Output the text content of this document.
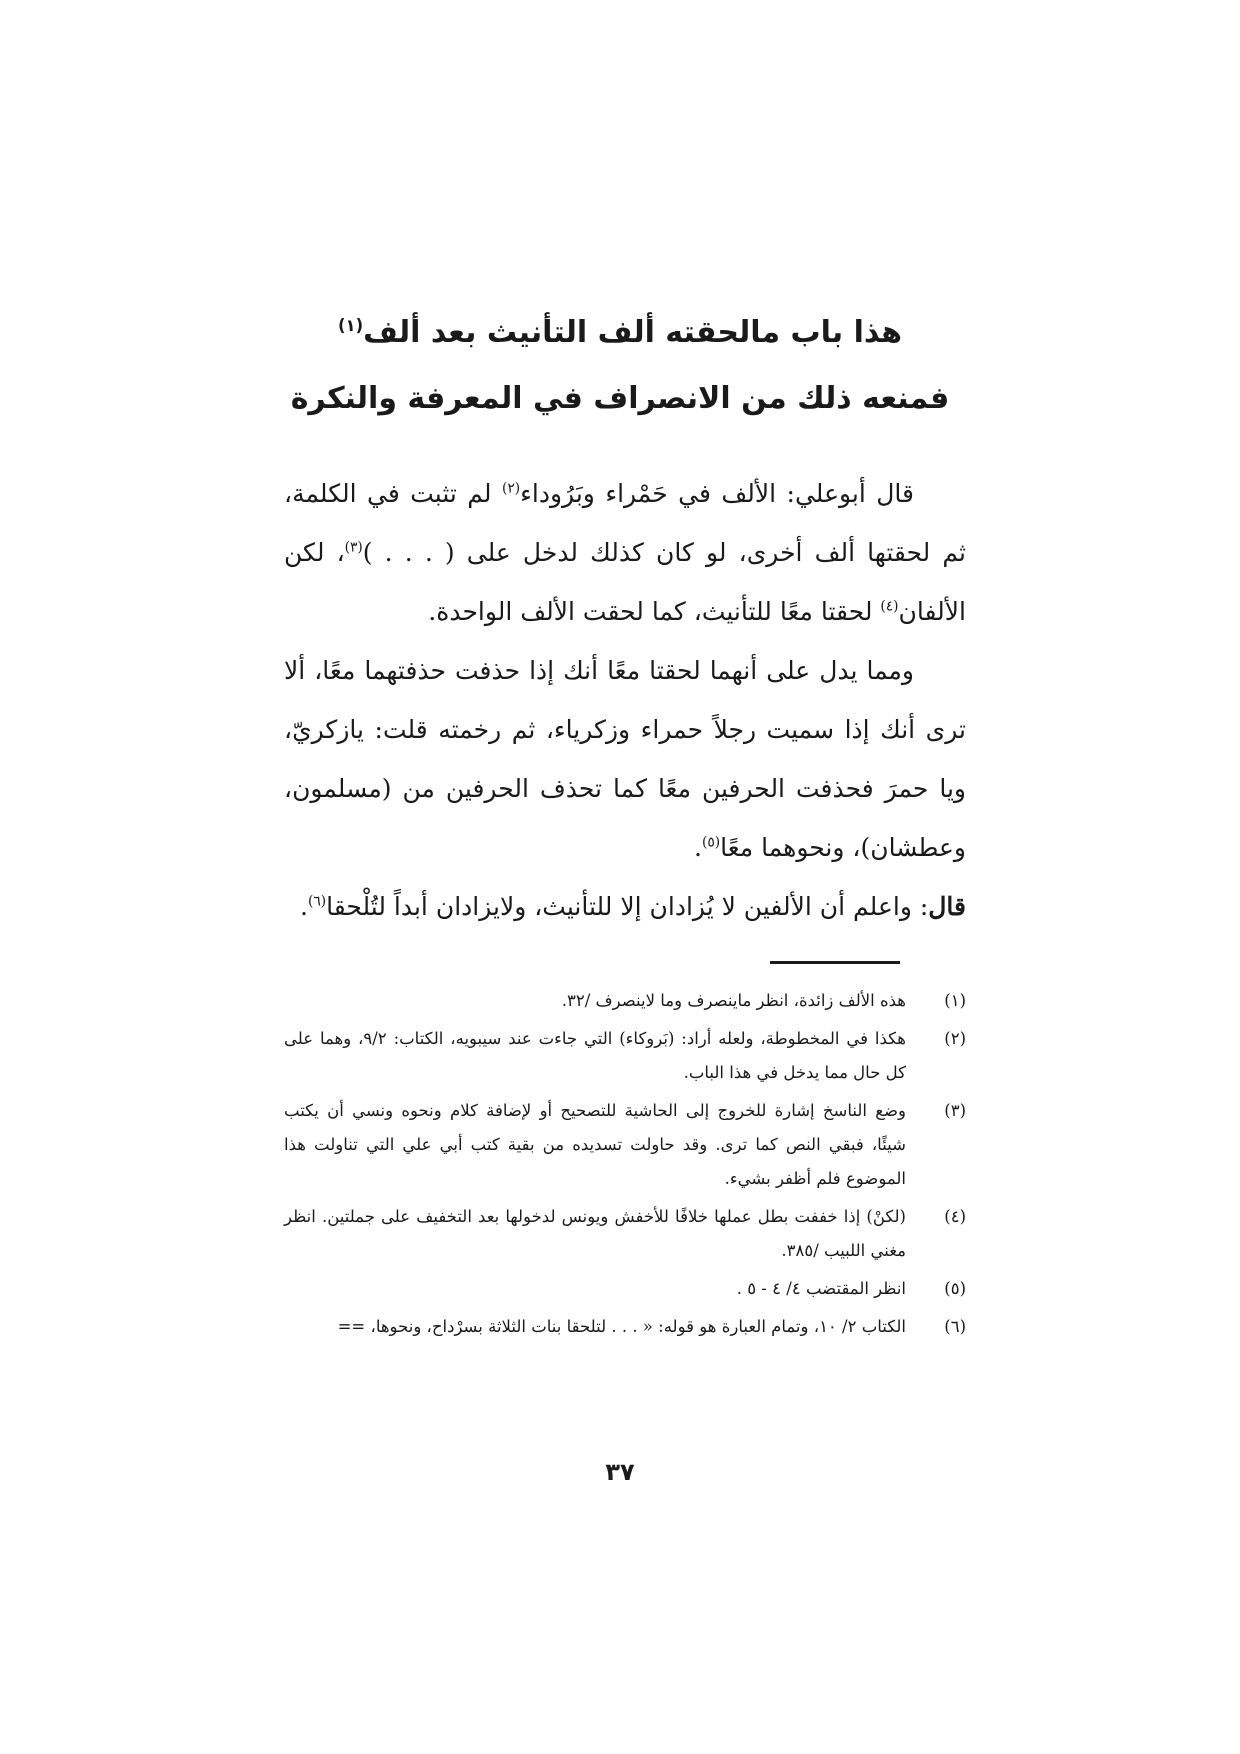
هذا باب مالحقته ألف التأنيث بعد ألف$^{(١)}$
فمنعه ذلك من الانصراف في المعرفة والنكرة

قال أبوعلي: الألف في حَمْراء وبَرُوداء$^{(٢)}$ لم تثبت في الكلمة، ثم لحقتها ألف أخرى، لو كان كذلك لدخل على ( . . . )$^{(٣)}$، لكن الألفان$^{(٤)}$ لحقتا معًا للتأنيث، كما لحقت الألف الواحدة.

ومما يدل على أنهما لحقتا معًا أنك إذا حذفت حذفتهما معًا، ألا ترى أنك إذا سميت رجلاً حمراء وزكرياء، ثم رخمته قلت: يازكريّ، ويا حمرَ فحذفت الحرفين معًا كما تحذف الحرفين من (مسلمون، وعطشان)، ونحوهما معًا$^{(٥)}$.

قال: واعلم أن الألفين لا يُزادان إلا للتأنيث، ولايزادان أبداً لتُلْحقا$^{(٦)}$.

(١)
هذه الألف زائدة، انظر ماينصرف وما لاينصرف /٣٢.
(٢)
هكذا في المخطوطة، ولعله أراد: (بَروكاء) التي جاءت عند سيبويه، الكتاب: ٩/٢، وهما على كل حال مما يدخل في هذا الباب.
(٣)
وضع الناسخ إشارة للخروج إلى الحاشية للتصحيح أو لإضافة كلام ونحوه ونسي أن يكتب شيئًا، فبقي النص كما ترى. وقد حاولت تسديده من بقية كتب أبي علي التي تناولت هذا الموضوع فلم أظفر بشيء.
(٤)
(لكنْ) إذا خففت بطل عملها خلافًا للأخفش ويونس لدخولها بعد التخفيف على جملتين. انظر مغني اللبيب /٣٨٥.
(٥)
انظر المقتضب ٤/ ٤ - ٥ .
(٦)
الكتاب ٢/ ١٠، وتمام العبارة هو قوله: « . . . لتلحقا بنات الثلاثة بسرْداح، ونحوها، ==
٣٧
